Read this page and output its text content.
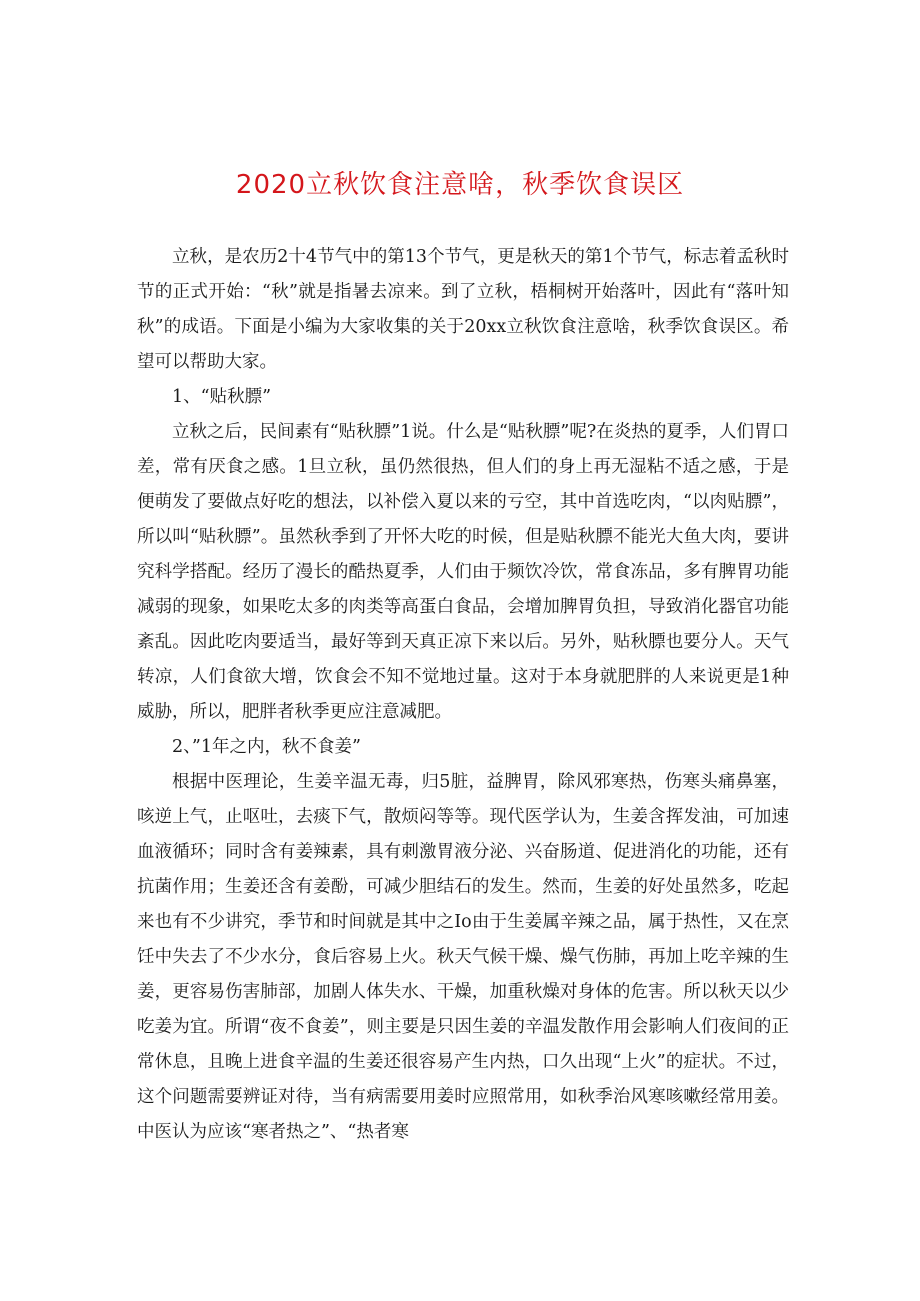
2020立秋饮食注意啥，秋季饮食误区

立秋，是农历2十4节气中的第13个节气，更是秋天的第1个节气，标志着孟秋时节的正式开始：“秋”就是指暑去凉来。到了立秋，梧桐树开始落叶，因此有“落叶知秋”的成语。下面是小编为大家收集的关于20xx立秋饮食注意啥，秋季饮食误区。希望可以帮助大家。

1、“贴秋膘”

立秋之后，民间素有“贴秋膘”1说。什么是“贴秋膘”呢?在炎热的夏季，人们胃口差，常有厌食之感。1旦立秋，虽仍然很热，但人们的身上再无湿粘不适之感，于是便萌发了要做点好吃的想法，以补偿入夏以来的亏空，其中首选吃肉，“以肉贴膘”，所以叫“贴秋膘”。虽然秋季到了开怀大吃的时候，但是贴秋膘不能光大鱼大肉，要讲究科学搭配。经历了漫长的酷热夏季，人们由于频饮冷饮，常食冻品，多有脾胃功能减弱的现象，如果吃太多的肉类等高蛋白食品，会增加脾胃负担，导致消化器官功能紊乱。因此吃肉要适当，最好等到天真正凉下来以后。另外，贴秋膘也要分人。天气转凉，人们食欲大增，饮食会不知不觉地过量。这对于本身就肥胖的人来说更是1种威胁，所以，肥胖者秋季更应注意减肥。

2、”1年之内，秋不食姜”

根据中医理论，生姜辛温无毒，归5脏，益脾胃，除风邪寒热，伤寒头痛鼻塞，咳逆上气，止呕吐，去痰下气，散烦闷等等。现代医学认为，生姜含挥发油，可加速血液循环；同时含有姜辣素，具有刺激胃液分泌、兴奋肠道、促进消化的功能，还有抗菌作用；生姜还含有姜酚，可减少胆结石的发生。然而，生姜的好处虽然多，吃起来也有不少讲究，季节和时间就是其中之Io由于生姜属辛辣之品，属于热性，又在烹饪中失去了不少水分，食后容易上火。秋天气候干燥、燥气伤肺，再加上吃辛辣的生姜，更容易伤害肺部，加剧人体失水、干燥，加重秋燥对身体的危害。所以秋天以少吃姜为宜。所谓“夜不食姜”，则主要是只因生姜的辛温发散作用会影响人们夜间的正常休息，且晚上进食辛温的生姜还很容易产生内热，口久出现“上火”的症状。不过，这个问题需要辨证对待，当有病需要用姜时应照常用，如秋季治风寒咳嗽经常用姜。中医认为应该“寒者热之”、“热者寒
